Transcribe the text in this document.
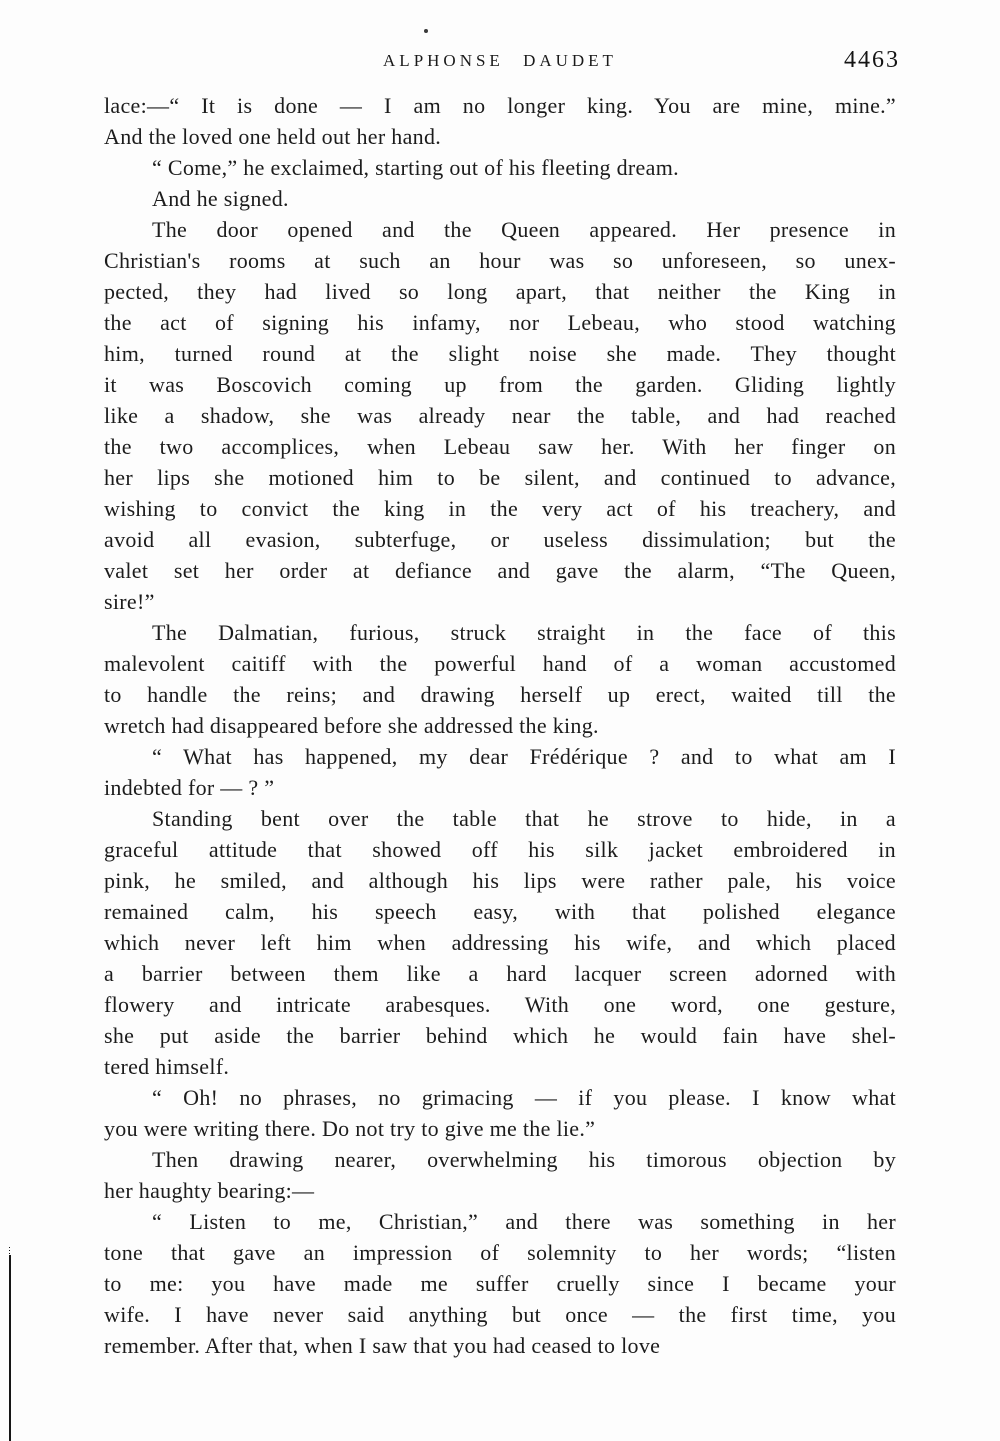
ALPHONSE DAUDET	4463
lace:—“ It is done — I am no longer king. You are mine, mine.”
And the loved one held out her hand.
“ Come,” he exclaimed, starting out of his fleeting dream.
And he signed.
The door opened and the Queen appeared. Her presence in
Christian's rooms at such an hour was so unforeseen, so unex-
pected, they had lived so long apart, that neither the King in
the act of signing his infamy, nor Lebeau, who stood watching
him, turned round at the slight noise she made. They thought
it was Boscovich coming up from the garden. Gliding lightly
like a shadow, she was already near the table, and had reached
the two accomplices, when Lebeau saw her. With her finger on
her lips she motioned him to be silent, and continued to advance,
wishing to convict the king in the very act of his treachery, and
avoid all evasion, subterfuge, or useless dissimulation; but the
valet set her order at defiance and gave the alarm, “The Queen,
sire!”
The Dalmatian, furious, struck straight in the face of this
malevolent caitiff with the powerful hand of a woman accustomed
to handle the reins; and drawing herself up erect, waited till the
wretch had disappeared before she addressed the king.
“ What has happened, my dear Frédérique ? and to what am I
indebted for — ? ”
Standing bent over the table that he strove to hide, in a
graceful attitude that showed off his silk jacket embroidered in
pink, he smiled, and although his lips were rather pale, his voice
remained calm, his speech easy, with that polished elegance
which never left him when addressing his wife, and which placed
a barrier between them like a hard lacquer screen adorned with
flowery and intricate arabesques. With one word, one gesture,
she put aside the barrier behind which he would fain have shel-
tered himself.
“ Oh! no phrases, no grimacing — if you please. I know what
you were writing there. Do not try to give me the lie.”
Then drawing nearer, overwhelming his timorous objection by
her haughty bearing:—
“ Listen to me, Christian,” and there was something in her
tone that gave an impression of solemnity to her words; “listen
to me: you have made me suffer cruelly since I became your
wife. I have never said anything but once — the first time, you
remember. After that, when I saw that you had ceased to love
